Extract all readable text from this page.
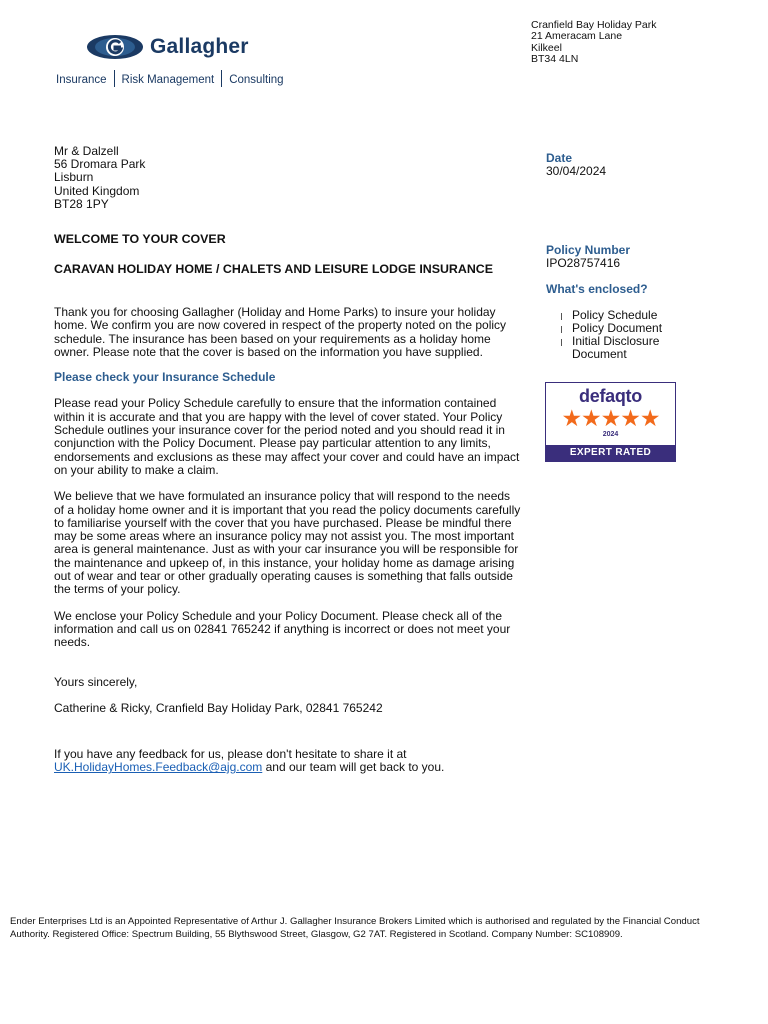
Gallagher
Insurance Risk Management Consulting
Cranfield Bay Holiday Park
21 Ameracam Lane
Kilkeel
BT34 4LN
Mr & Dalzell
56 Dromara Park
Lisburn
United Kingdom
BT28 1PY
Date
30/04/2024
Policy Number
IPO28757416
What's enclosed?
Policy Schedule
Policy Document
Initial Disclosure
Document
defaqto
★★★★★
2024
EXPERT RATED
WELCOME TO YOUR COVER
CARAVAN HOLIDAY HOME / CHALETS AND LEISURE LODGE INSURANCE
Thank you for choosing Gallagher (Holiday and Home Parks) to insure your holiday
home. We confirm you are now covered in respect of the property noted on the policy
schedule. The insurance has been based on your requirements as a holiday home
owner. Please note that the cover is based on the information you have supplied.
Please check your Insurance Schedule
Please read your Policy Schedule carefully to ensure that the information contained
within it is accurate and that you are happy with the level of cover stated. Your Policy
Schedule outlines your insurance cover for the period noted and you should read it in
conjunction with the Policy Document. Please pay particular attention to any limits,
endorsements and exclusions as these may affect your cover and could have an impact
on your ability to make a claim.
We believe that we have formulated an insurance policy that will respond to the needs
of a holiday home owner and it is important that you read the policy documents carefully
to familiarise yourself with the cover that you have purchased. Please be mindful there
may be some areas where an insurance policy may not assist you. The most important
area is general maintenance. Just as with your car insurance you will be responsible for
the maintenance and upkeep of, in this instance, your holiday home as damage arising
out of wear and tear or other gradually operating causes is something that falls outside
the terms of your policy.
We enclose your Policy Schedule and your Policy Document. Please check all of the
information and call us on 02841 765242 if anything is incorrect or does not meet your
needs.
Yours sincerely,
Catherine & Ricky, Cranfield Bay Holiday Park, 02841 765242
If you have any feedback for us, please don't hesitate to share it at
UK.HolidayHomes.Feedback@ajg.com and our team will get back to you.
Ender Enterprises Ltd is an Appointed Representative of Arthur J. Gallagher Insurance Brokers Limited which is authorised and regulated by the Financial Conduct
Authority. Registered Office: Spectrum Building, 55 Blythswood Street, Glasgow, G2 7AT. Registered in Scotland. Company Number: SC108909.
